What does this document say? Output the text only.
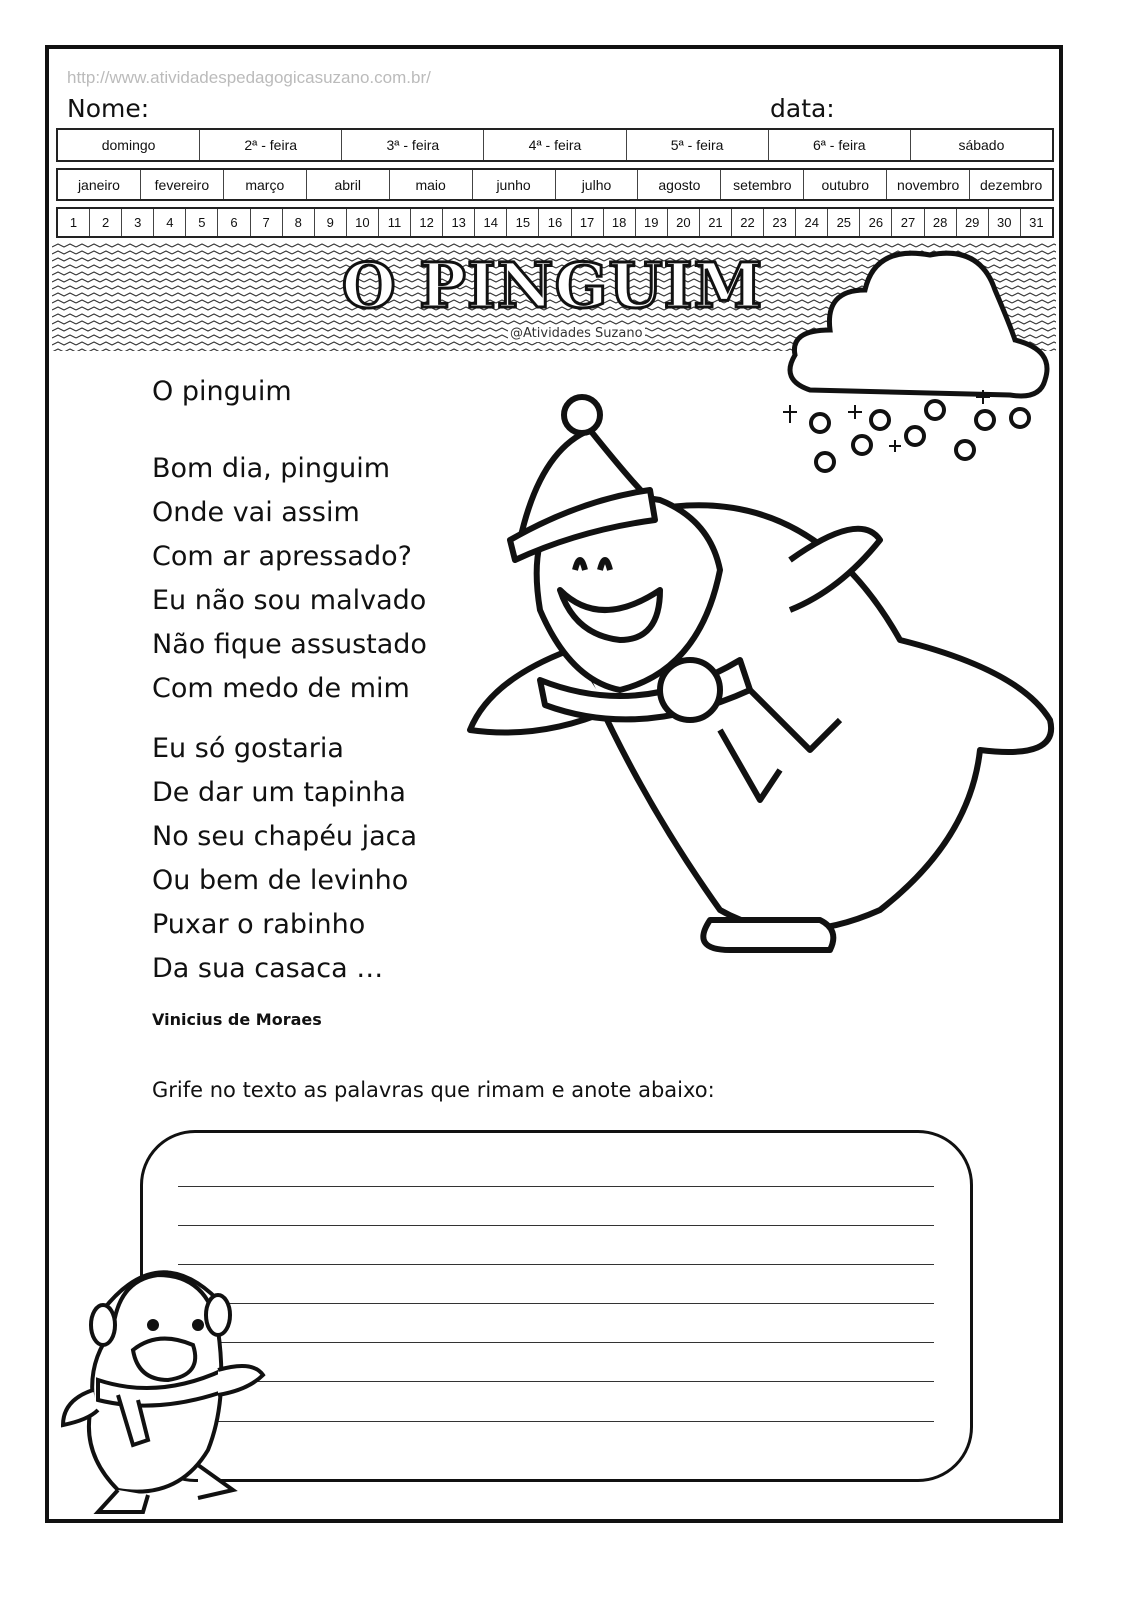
http://www.atividadespedagogicasuzano.com.br/
Nome:	data:
domingo	2ª - feira	3ª - feira	4ª - feira	5ª - feira	6ª - feira	sábado
janeiro	fevereiro	março	abril	maio	junho	julho	agosto	setembro	outubro	novembro	dezembro
1	2	3	4	5	6	7	8	9	10	11	12	13	14	15	16	17	18	19	20	21	22	23	24	25	26	27	28	29	30	31
O PINGUIM
@Atividades Suzano
O pinguim
Bom dia, pinguim
Onde vai assim
Com ar apressado?
Eu não sou malvado
Não fique assustado
Com medo de mim
Eu só gostaria
De dar um tapinha
No seu chapéu jaca
Ou bem de levinho
Puxar o rabinho
Da sua casaca …
Vinicius de Moraes
Grife no texto as palavras que rimam e anote abaixo:
